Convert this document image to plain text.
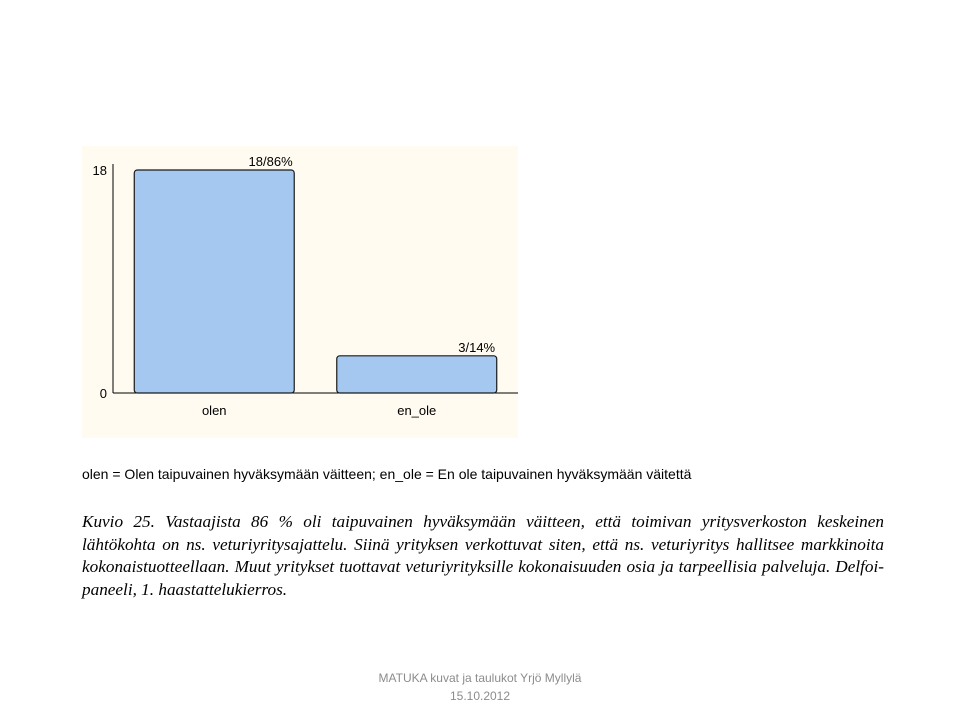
0
18
18/86%
olen
3/14%
en_ole
olen = Olen taipuvainen hyväksymään väitteen; en_ole = En ole taipuvainen hyväksymään väitettä
Kuvio 25. Vastaajista 86 % oli taipuvainen hyväksymään väitteen, että toimivan yritysverkoston keskeinen lähtökohta on ns. veturiyritysajattelu. Siinä yrityksen verkottuvat siten, että ns. veturiyritys hallitsee markkinoita kokonaistuotteellaan. Muut yritykset tuottavat veturiyrityksille kokonaisuuden osia ja tarpeellisia palveluja. Delfoi-paneeli, 1. haastattelukierros.
MATUKA kuvat ja taulukot Yrjö Myllylä
15.10.2012
